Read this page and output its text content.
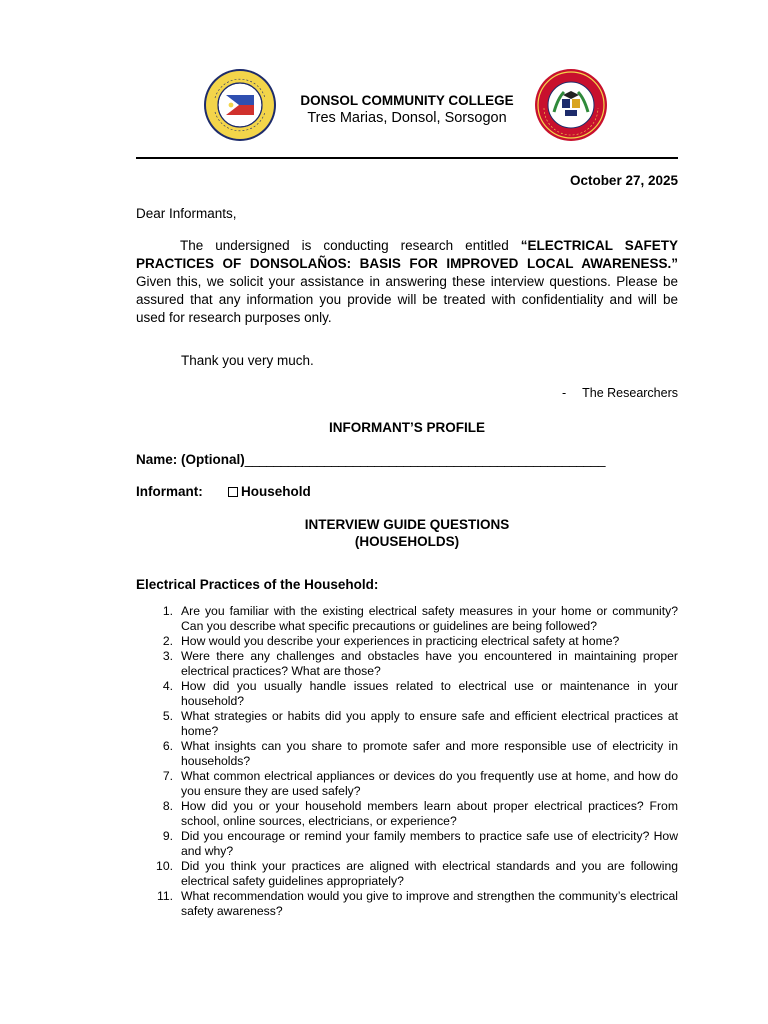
DONSOL COMMUNITY COLLEGE
Tres Marias, Donsol, Sorsogon
October 27, 2025
Dear Informants,
The undersigned is conducting research entitled “ELECTRICAL SAFETY PRACTICES OF DONSOLAÑOS: BASIS FOR IMPROVED LOCAL AWARENESS.” Given this, we solicit your assistance in answering these interview questions. Please be assured that any information you provide will be treated with confidentiality and will be used for research purposes only.
Thank you very much.
- The Researchers
INFORMANT’S PROFILE
Name: (Optional)__________________________________________________
Informant:	Household
INTERVIEW GUIDE QUESTIONS
(HOUSEHOLDS)
Electrical Practices of the Household:
1. Are you familiar with the existing electrical safety measures in your home or community? Can you describe what specific precautions or guidelines are being followed?
2. How would you describe your experiences in practicing electrical safety at home?
3. Were there any challenges and obstacles have you encountered in maintaining proper electrical practices? What are those?
4. How did you usually handle issues related to electrical use or maintenance in your household?
5. What strategies or habits did you apply to ensure safe and efficient electrical practices at home?
6. What insights can you share to promote safer and more responsible use of electricity in households?
7. What common electrical appliances or devices do you frequently use at home, and how do you ensure they are used safely?
8. How did you or your household members learn about proper electrical practices? From school, online sources, electricians, or experience?
9. Did you encourage or remind your family members to practice safe use of electricity? How and why?
10. Did you think your practices are aligned with electrical standards and you are following electrical safety guidelines appropriately?
11. What recommendation would you give to improve and strengthen the community’s electrical safety awareness?
